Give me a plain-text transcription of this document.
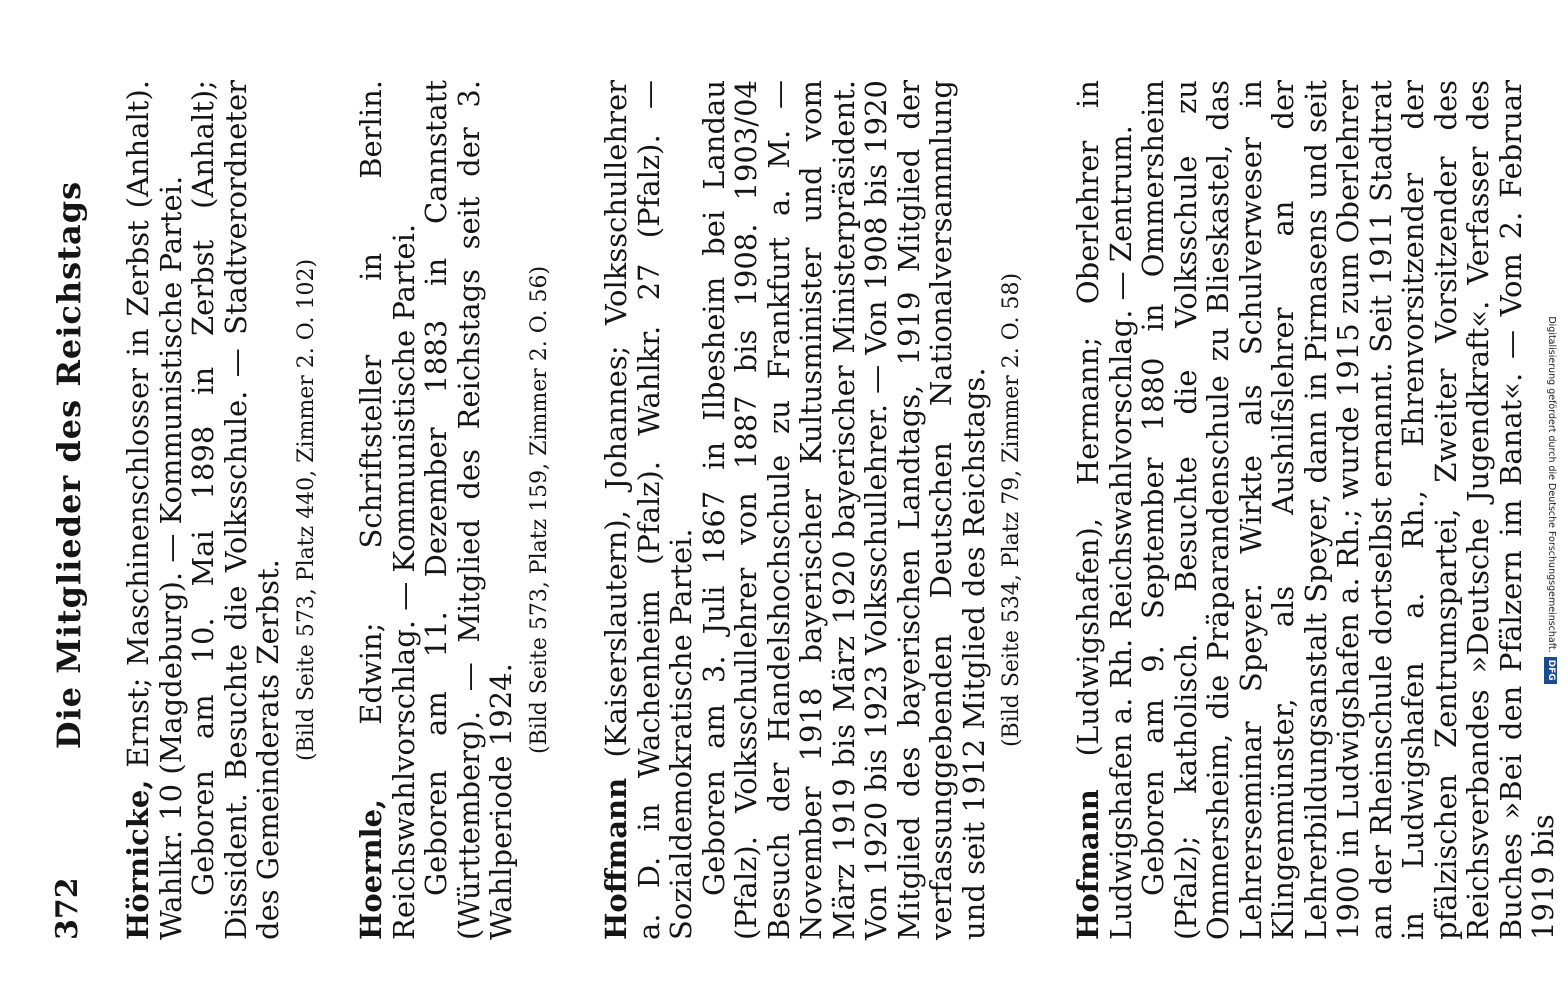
372
Die Mitglieder des Reichstags

Hörnicke, Ernst; Maschinenschlosser in Zerbst (Anhalt). Wahlkr. 10 (Magdeburg). — Kommunistische Partei.

Geboren am 10. Mai 1898 in Zerbst (Anhalt); Dissident. Besuchte die Volksschule. — Stadtverordneter des Gemeinderats Zerbst. (Bild Seite 573, Platz 440, Zimmer 2. O. 102)

Hoernle, Edwin; Schriftsteller in Berlin. Reichswahlvorschlag. — Kommunistische Partei.

Geboren am 11. Dezember 1883 in Cannstatt (Württemberg). — Mitglied des Reichstags seit der 3. Wahlperiode 1924.

(Bild Seite 573, Platz 159, Zimmer 2. O. 56)

Hoffmann (Kaiserslautern), Johannes; Volksschullehrer a. D. in Wachenheim (Pfalz). Wahlkr. 27 (Pfalz). — Sozialdemokratische Partei.

Geboren am 3. Juli 1867 in Ilbesheim bei Landau (Pfalz). Volksschullehrer von 1887 bis 1908. 1903/04 Besuch der Handelshochschule zu Frankfurt a. M. — November 1918 bayerischer Kultusminister und vom März 1919 bis März 1920 bayerischer Ministerpräsident. Von 1920 bis 1923 Volksschullehrer. — Von 1908 bis 1920 Mitglied des bayerischen Landtags, 1919 Mitglied der verfassunggebenden Deutschen Nationalversammlung und seit 1912 Mitglied des Reichstags. (Bild Seite 534, Platz 79, Zimmer 2. O. 58)

Hofmann (Ludwigshafen), Hermann; Oberlehrer in Ludwigshafen a. Rh. Reichswahlvorschlag. — Zentrum.

Geboren am 9. September 1880 in Ommersheim (Pfalz); katholisch. Besuchte die Volksschule zu Ommersheim, die Präparandenschule zu Blieskastel, das Lehrerseminar Speyer. Wirkte als Schulverweser in Klingenmünster, als Aushilfslehrer an der Lehrerbildungsanstalt Speyer, dann in Pirmasens und seit 1900 in Ludwigshafen a. Rh.; wurde 1915 zum Oberlehrer an der Rheinschule dortselbst ernannt. Seit 1911 Stadtrat in Ludwigshafen a. Rh., Ehrenvorsitzender der pfälzischen Zentrumspartei, Zweiter Vorsitzender des Reichsverbandes »Deutsche Jugendkraft«. Verfasser des Buches »Bei den Pfälzern im Banat«. — Vom 2. Februar 1919 bis

Digitalisierung gefördert durch die Deutsche Forschungsgemeinschaft.DFG
